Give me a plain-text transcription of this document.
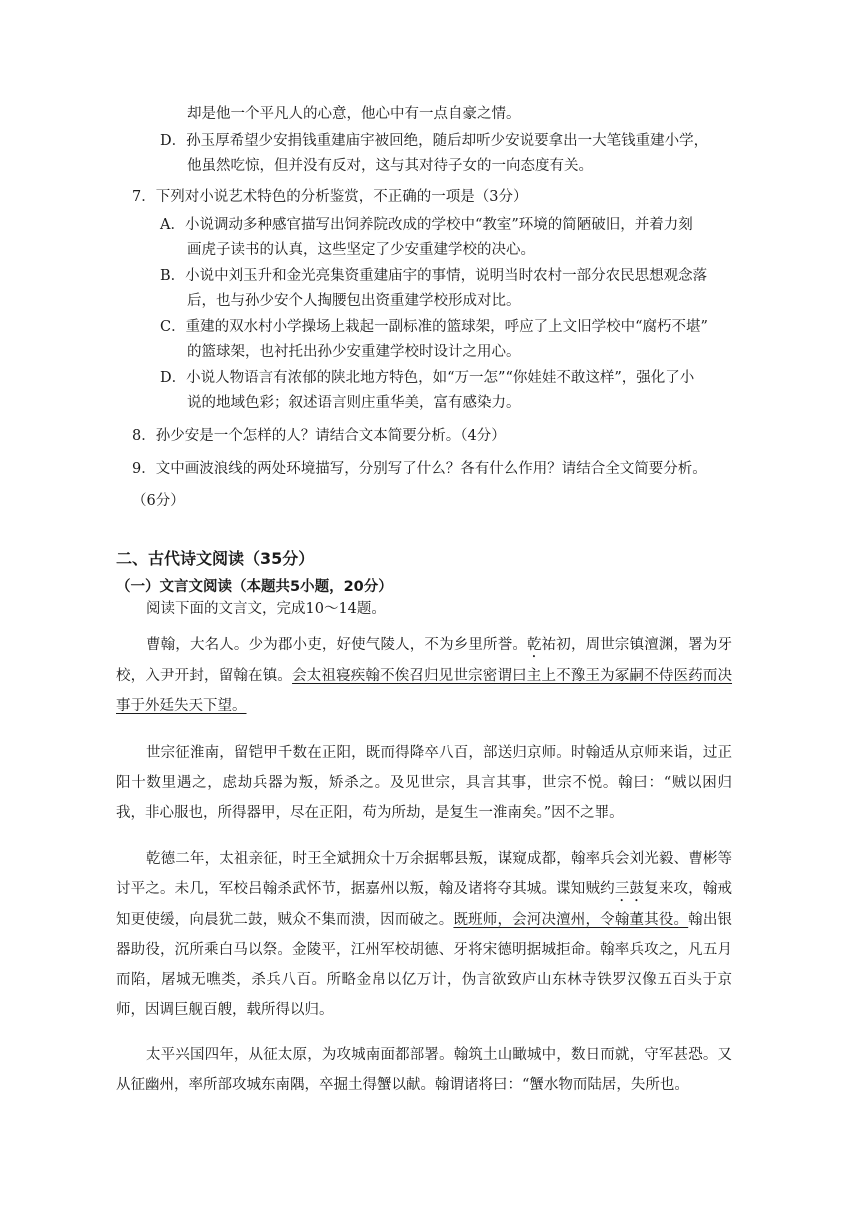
却是他一个平凡人的心意，他心中有一点自豪之情。
D．孙玉厚希望少安捐钱重建庙宇被回绝，随后却听少安说要拿出一大笔钱重建小学，
他虽然吃惊，但并没有反对，这与其对待子女的一向态度有关。
7．下列对小说艺术特色的分析鉴赏，不正确的一项是（3分）
A．小说调动多种感官描写出饲养院改成的学校中“教室”环境的简陋破旧，并着力刻
画虎子读书的认真，这些坚定了少安重建学校的决心。
B．小说中刘玉升和金光亮集资重建庙宇的事情，说明当时农村一部分农民思想观念落
后，也与孙少安个人掏腰包出资重建学校形成对比。
C．重建的双水村小学操场上栽起一副标准的篮球架，呼应了上文旧学校中“腐朽不堪”
的篮球架，也衬托出孙少安重建学校时设计之用心。
D．小说人物语言有浓郁的陕北地方特色，如“万一怎”“你娃娃不敢这样”，强化了小
说的地域色彩；叙述语言则庄重华美，富有感染力。
8．孙少安是一个怎样的人？请结合文本简要分析。（4分）
9．文中画波浪线的两处环境描写，分别写了什么？各有什么作用？请结合全文简要分析。
（6分）
二、古代诗文阅读（35分）
（一）文言文阅读（本题共5小题，20分）
阅读下面的文言文，完成10～14题。
曹翰，大名人。少为郡小吏，好使气陵人，不为乡里所誉。乾祐初，周世宗镇澶渊，署为牙校，入尹开封，留翰在镇。会太祖寝疾翰不俟召归见世宗密谓曰主上不豫王为冢嗣不侍医药而决事于外廷失天下望。
世宗征淮南，留铠甲千数在正阳，既而得降卒八百，部送归京师。时翰适从京师来诣，过正阳十数里遇之，虑劫兵器为叛，矫杀之。及见世宗，具言其事，世宗不悦。翰曰：“贼以困归我，非心服也，所得器甲，尽在正阳，苟为所劫，是复生一淮南矣。”因不之罪。
乾德二年，太祖亲征，时王全斌拥众十万余据郫县叛，谋窥成都，翰率兵会刘光毅、曹彬等讨平之。未几，军校吕翰杀武怀节，据嘉州以叛，翰及诸将夺其城。谍知贼约三鼓复来攻，翰戒知更使缓，向晨犹二鼓，贼众不集而溃，因而破之。既班师，会河决澶州，令翰董其役。翰出银器助役，沉所乘白马以祭。金陵平，江州军校胡德、牙将宋德明据城拒命。翰率兵攻之，凡五月而陷，屠城无噍类，杀兵八百。所略金帛以亿万计，伪言欲致庐山东林寺铁罗汉像五百头于京师，因调巨舰百艘，载所得以归。
太平兴国四年，从征太原，为攻城南面都部署。翰筑土山瞰城中，数日而就，守军甚恐。又从征幽州，率所部攻城东南隅，卒掘土得蟹以献。翰谓诸将曰：“蟹水物而陆居，失所也。
